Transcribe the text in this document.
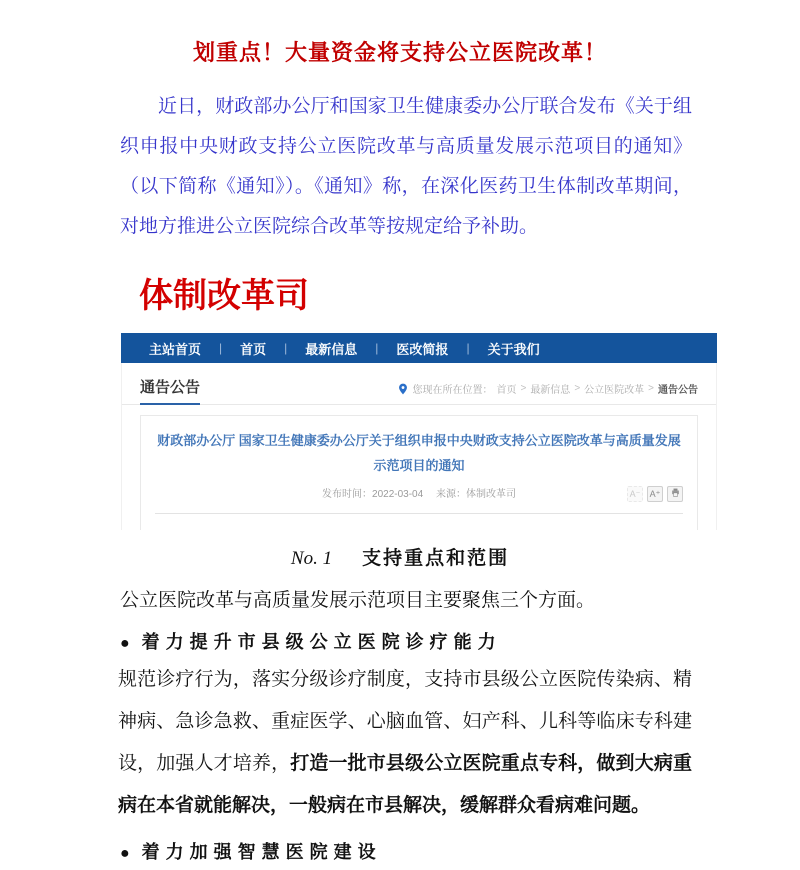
划重点！大量资金将支持公立医院改革！
近日，财政部办公厅和国家卫生健康委办公厅联合发布《关于组织申报中央财政支持公立医院改革与高质量发展示范项目的通知》（以下简称《通知》）。《通知》称，在深化医药卫生体制改革期间，对地方推进公立医院综合改革等按规定给予补助。
体制改革司
主站首页 | 首页 | 最新信息 | 医改简报 | 关于我们
通告公告	您现在所在位置： 首页 > 最新信息 > 公立医院改革 > 通告公告
财政部办公厅 国家卫生健康委办公厅关于组织申报中央财政支持公立医院改革与高质量发展示范项目的通知
发布时间：2022-03-04 来源：体制改革司	A⁻ A⁺
No. 1 支持重点和范围
公立医院改革与高质量发展示范项目主要聚焦三个方面。
● 着力提升市县级公立医院诊疗能力
规范诊疗行为，落实分级诊疗制度，支持市县级公立医院传染病、精神病、急诊急救、重症医学、心脑血管、妇产科、儿科等临床专科建设，加强人才培养，打造一批市县级公立医院重点专科，做到大病重病在本省就能解决，一般病在市县解决，缓解群众看病难问题。
● 着力加强智慧医院建设
